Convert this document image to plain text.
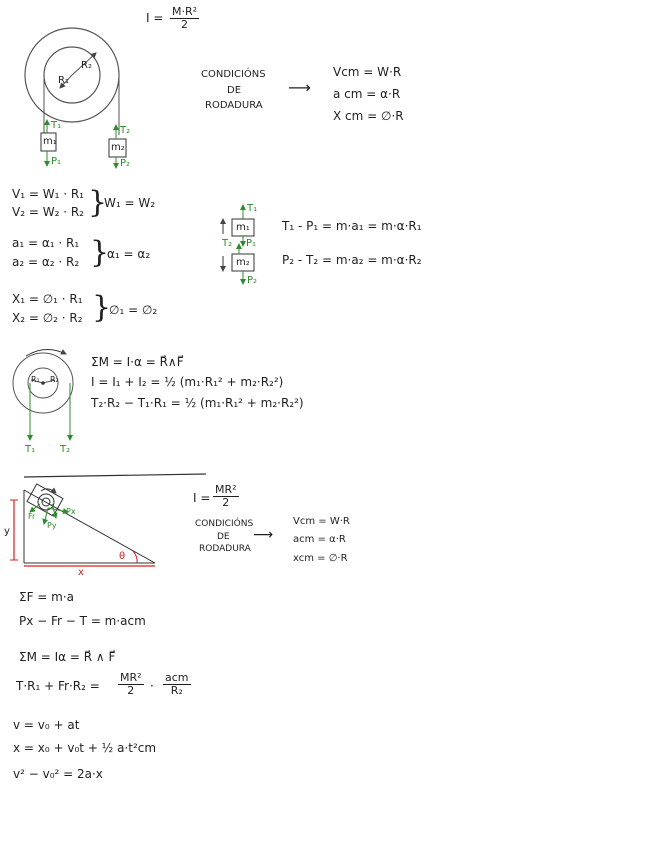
$I = \frac{\text{M·R²}}{2}$
R₂
R₁
m₁
m₂
T₁	T₂
P₁	P₂
CONDICIÓNS
DE
RODADURA
⟶
Vcm = W·R
a cm = α·R
X cm = ∅·R
V₁ = W₁ · R₁
V₂ = W₂ · R₂ }
W₁ = W₂
a₁ = α₁ · R₁
a₂ = α₂ · R₂ }
α₁ = α₂
X₁ = ∅₁ · R₁
X₂ = ∅₂ · R₂ }
∅₁ = ∅₂
m₁
m₂
T₁
P₁
T₂
P₂
T₁ - P₁ = m·a₁ = m·α·R₁
P₂ - T₂ = m·a₂ = m·α·R₂
R₁ R₂
T₁ T₂
ΣM = I·α = R⃗∧F⃗
I = I₁ + I₂ = ½ (m₁·R₁² + m₂·R₂²)
T₂·R₂ − T₁·R₁ = ½ (m₁·R₁² + m₂·R₂²)
y
x
θ
Fr
Px
Py
$I = \frac{\text{MR²}}{2}$
CONDICIÓNS
DE
RODADURA
⟶
Vcm = W·R
acm = α·R
xcm = ∅·R
ΣF = m·a
Px − Fr − T = m·acm
ΣM = Iα = R⃗ ∧ F⃗
$T\cdot R_1 + Fr\cdot R_2 = \frac{\text{MR²}}{2}$ ·
acm
R₂
v = v₀ + at
x = x₀ + v₀t + ½ a·t²cm
v² − v₀² = 2a·x
